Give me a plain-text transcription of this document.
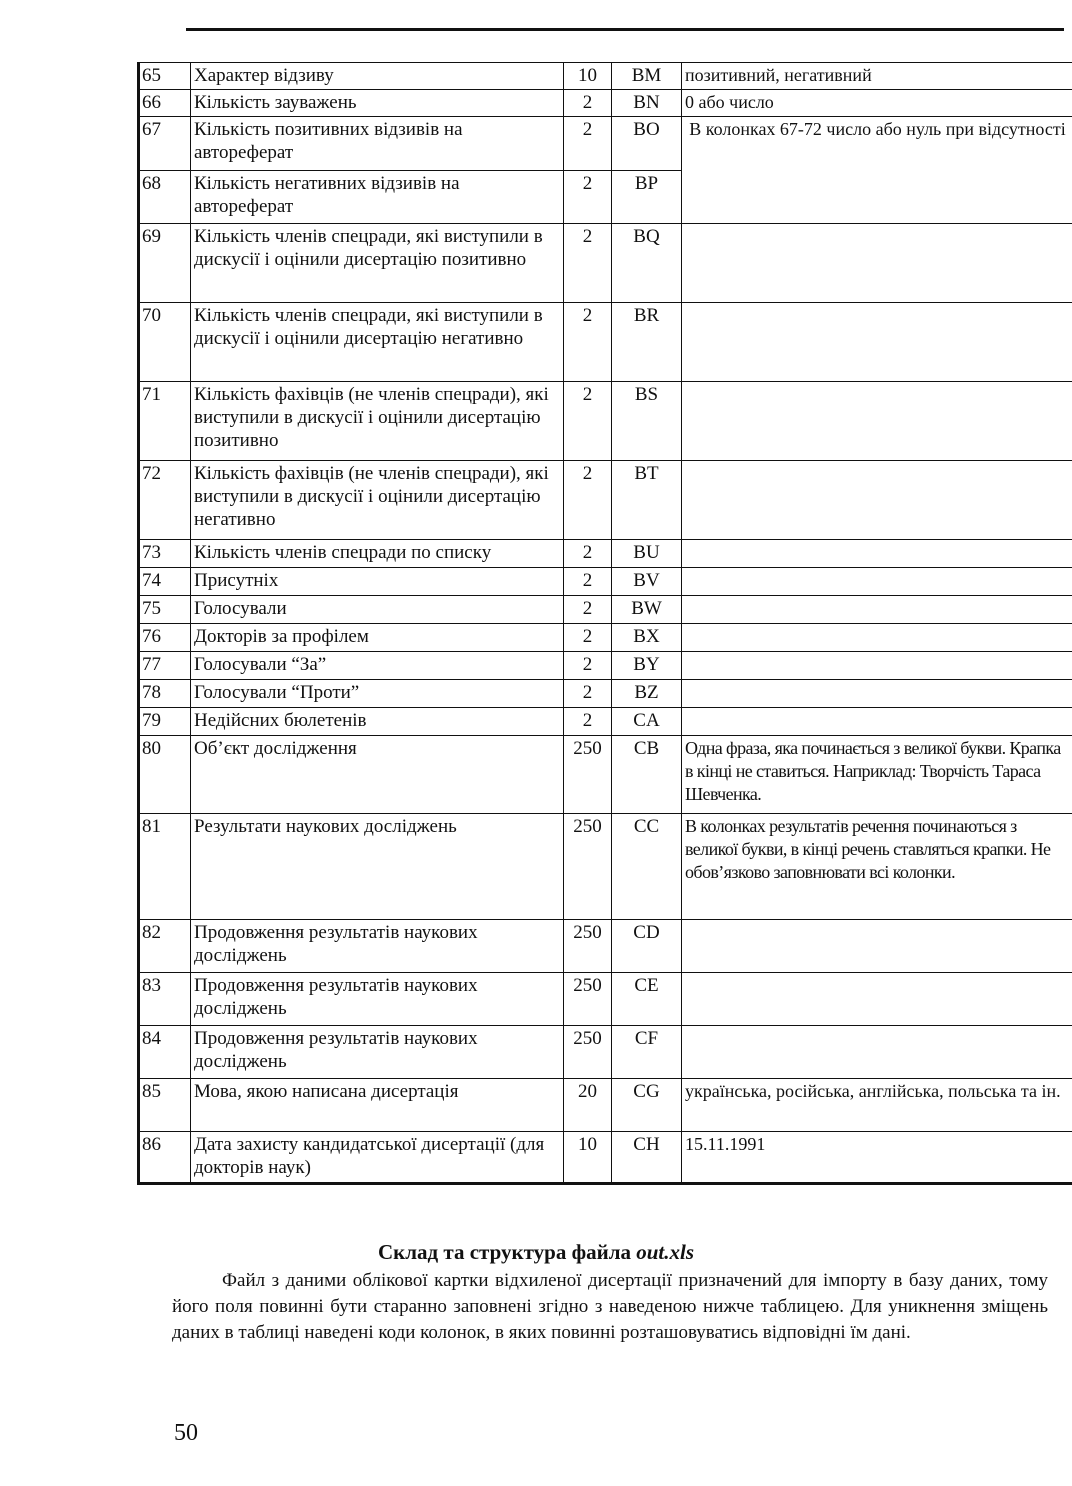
65	Характер відзиву	10	BM	позитивний, негативний
66	Кількість зауважень	2	BN	0 або число
67	Кількість позитивних відзивів на автореферат	2	BO	В колонках 67-72 число або нуль при відсутності
68	Кількість негативних відзивів на автореферат	2	BP	
69	Кількість членів спецради, які виступили в дискусії і оцінили дисертацію позитивно	2	BQ	
70	Кількість членів спецради, які виступили в дискусії і оцінили дисертацію негативно	2	BR	
71	Кількість фахівців (не членів спецради), які виступили в дискусії і оцінили дисертацію позитивно	2	BS	
72	Кількість фахівців (не членів спецради), які виступили в дискусії і оцінили дисертацію негативно	2	BT	
73	Кількість членів спецради по списку	2	BU	
74	Присутніх	2	BV	
75	Голосували	2	BW	
76	Докторів за профілем	2	BX	
77	Голосували “За”	2	BY	
78	Голосували “Проти”	2	BZ	
79	Недійсних бюлетенів	2	CA	
80	Об’єкт дослідження	250	CB	Одна фраза, яка починається з великої букви. Крапка в кінці не ставиться. Наприклад: Творчість Тараса Шевченка.
81	Результати наукових досліджень	250	CC	В колонках результатів речення починаються з великої букви, в кінці речень ставляться крапки. Не обов’язково заповнювати всі колонки.
82	Продовження результатів наукових досліджень	250	CD	
83	Продовження результатів наукових досліджень	250	CE	
84	Продовження результатів наукових досліджень	250	CF	
85	Мова, якою написана дисертація	20	CG	українська, російська, англійська, польська та ін.
86	Дата захисту кандидатської дисертації (для докторів наук)	10	CH	15.11.1991
Склад та структура файла out.xls
Файл з даними облікової картки відхиленої дисертації призначений для імпорту в базу даних, тому його поля повинні бути старанно заповнені згідно з наведеною нижче таблицею. Для уникнення зміщень даних в таблиці наведені коди колонок, в яких повинні розташовуватись відповідні їм дані.
50
